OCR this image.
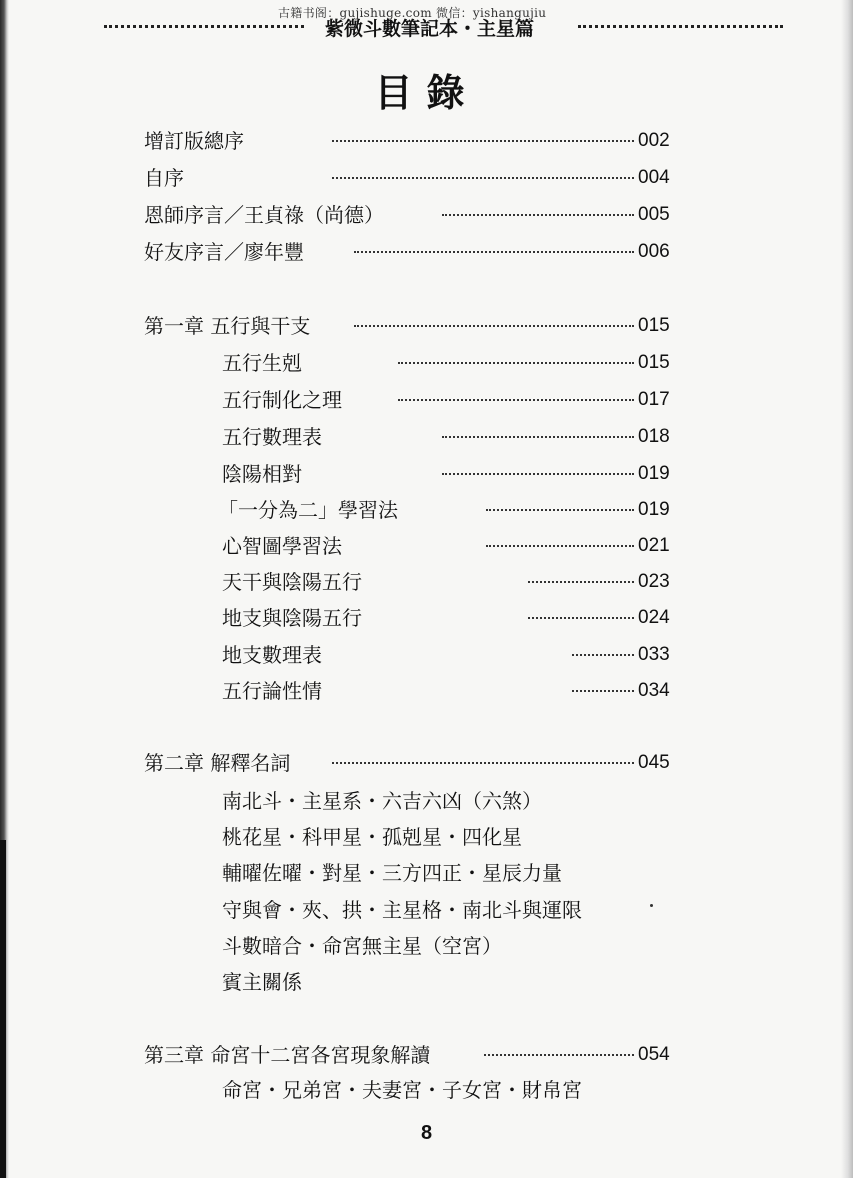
古籍书阁：gujishuge.com 微信：yishangujiu
紫微斗數筆記本・主星篇
目錄
增訂版總序	002
自序	004
恩師序言／王貞祿（尚德）	005
好友序言／廖年豐	006
第一章 五行與干支	015
五行生剋	015
五行制化之理	017
五行數理表	018
陰陽相對	019
「一分為二」學習法	019
心智圖學習法	021
天干與陰陽五行	023
地支與陰陽五行	024
地支數理表	033
五行論性情	034
第二章 解釋名詞	045
南北斗・主星系・六吉六凶（六煞）
桃花星・科甲星・孤剋星・四化星
輔曜佐曜・對星・三方四正・星辰力量
守與會・夾、拱・主星格・南北斗與運限
斗數暗合・命宮無主星（空宮）
賓主關係
第三章 命宮十二宮各宮現象解讀	054
命宮・兄弟宮・夫妻宮・子女宮・財帛宮
8
